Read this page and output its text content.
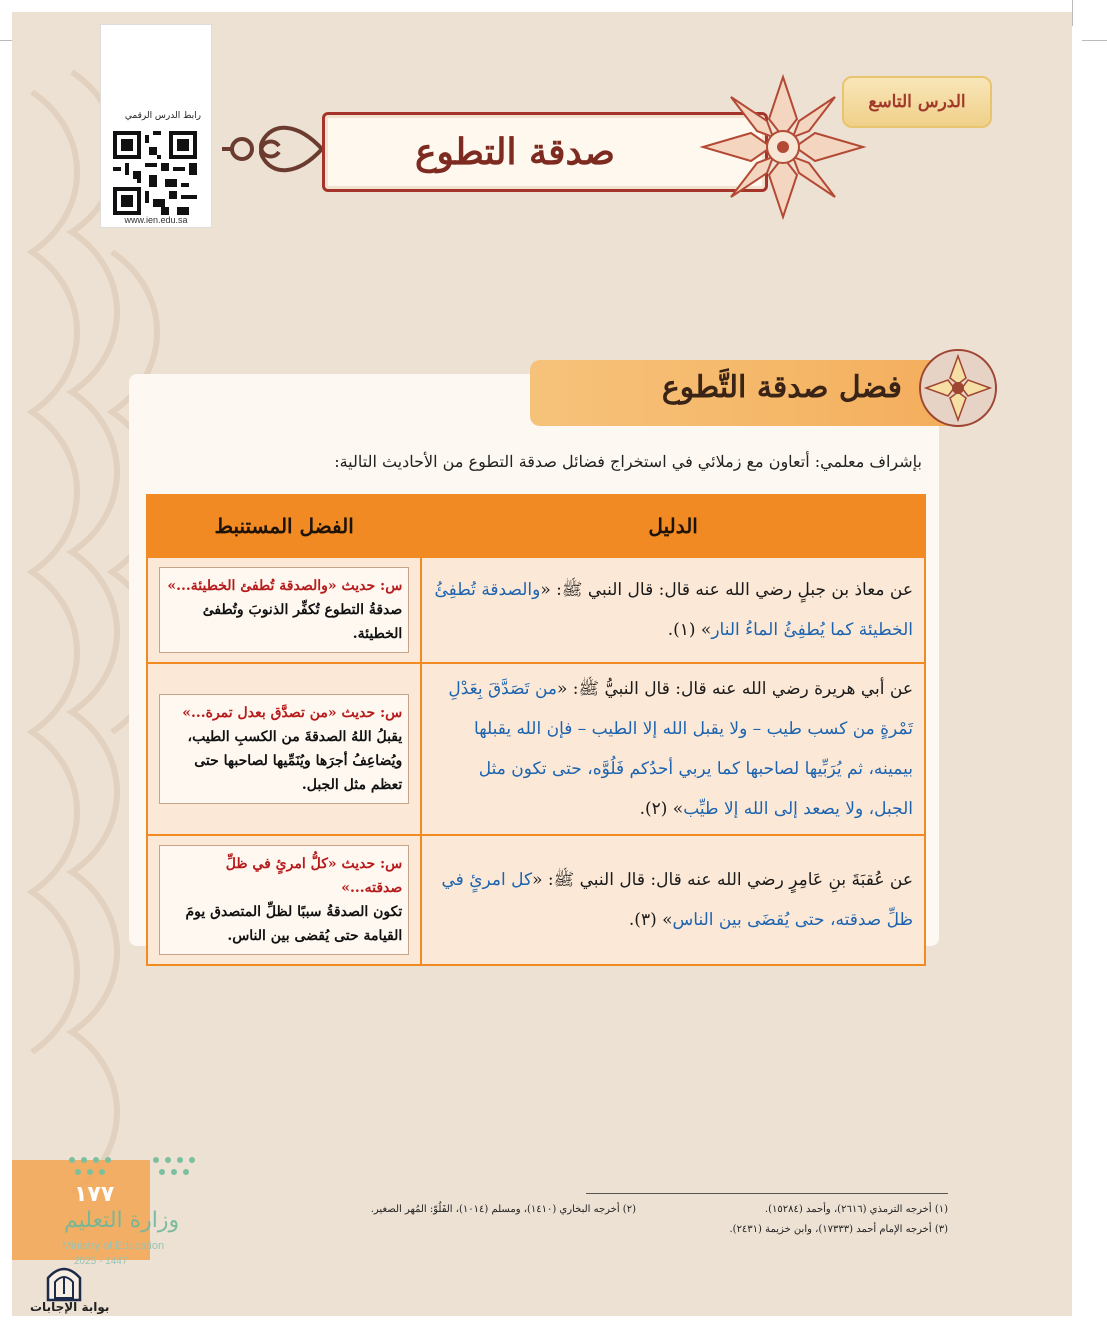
رابط الدرس الرقمي
www.ien.edu.sa
صدقة التطوع
الدرس التاسع
فضل صدقة التَّطوع
بإشراف معلمي: أتعاون مع زملائي في استخراج فضائل صدقة التطوع من الأحاديث التالية:
الدليل	الفضل المستنبط

عن معاذ بن جبلٍ رضي الله عنه قال: قال النبي ﷺ: «والصدقة تُطفِئُ الخطيئة كما يُطفِئُ الماءُ النار» (١).	س: حديث «والصدقة تُطفئ الخطيئة...»
صدقةُ التطوع تُكفِّر الذنوبَ وتُطفئ الخطيئة.

عن أبي هريرة رضي الله عنه قال: قال النبيُّ ﷺ: «من تَصَدَّقَ بِعَدْلِ تَمْرةٍ من كسب طيب – ولا يقبل الله إلا الطيب – فإن الله يقبلها بيمينه، ثم يُرَبِّيها لصاحبها كما يربي أحدُكم فَلُوَّه، حتى تكون مثل الجبل، ولا يصعد إلى الله إلا طيِّب» (٢).	س: حديث «من تصدَّق بعدل تمرة...»
يقبلُ اللهُ الصدقةَ من الكسبِ الطيب، ويُضاعِفُ أجرَها ويُنَمِّيها لصاحبها حتى تعظم مثل الجبل.

عن عُقبَةَ بنِ عَامِرٍ رضي الله عنه قال: قال النبي ﷺ: «كل امرئٍ في ظلِّ صدقته، حتى يُقضَى بين الناس» (٣).	س: حديث «كلُّ امرئٍ في ظلِّ صدقته...»
تكون الصدقةُ سببًا لظلِّ المتصدق يومَ القيامة حتى يُقضى بين الناس.
(١) أخرجه الترمذي (٢٦١٦)، وأحمد (١٥٢٨٤).
(٢) أخرجه البخاري (١٤١٠)، ومسلم (١٠١٤)، الفَلُوّ: المُهر الصغير.
(٣) أخرجه الإمام أحمد (١٧٣٣٣)، وابن خزيمة (٢٤٣١).
١٧٧
وزارة التعليم
Ministry of Education
2025 - 1447
بوابة الإجابات
